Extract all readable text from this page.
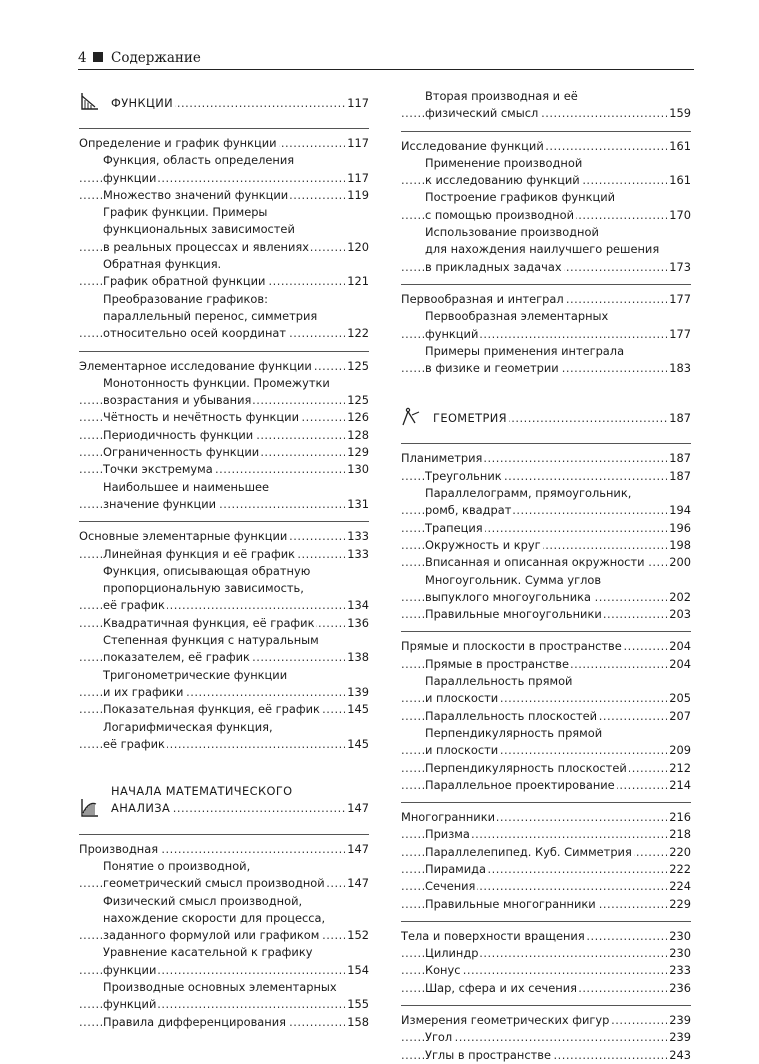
4 Содержание
ФУНКЦИИ	117
.....
Определение и график функции	117
.....
Функция, область определения
функции	117
.....
Множество значений функции	119
.....
График функции. Примеры
функциональных зависимостей
в реальных процессах и явлениях	120
.....
Обратная функция.
График обратной функции	121
.....
Преобразование графиков:
параллельный перенос, симметрия
относительно осей координат	122
.....
Элементарное исследование функции	125
.....
Монотонность функции. Промежутки
возрастания и убывания	125
.....
Чётность и нечётность функции	126
.....
Периодичность функции	128
.....
Ограниченность функции	129
.....
Точки экстремума	130
.....
Наибольшее и наименьшее
значение функции	131
.....
Основные элементарные функции	133
.....
Линейная функция и её график	133
.....
Функция, описывающая обратную
пропорциональную зависимость,
её график	134
.....
Квадратичная функция, её график	136
.....
Степенная функция с натуральным
показателем, её график	138
.....
Тригонометрические функции
и их графики	139
.....
Показательная функция, её график 145
.....
Логарифмическая функция,
её график	145
.....
НАЧАЛА МАТЕМАТИЧЕСКОГО
АНАЛИЗА	147
.....
Производная	147
.....
Понятие о производной,
геометрический смысл производной 147
.....
Физический смысл производной,
нахождение скорости для процесса,
заданного формулой или графиком 152
.....
Уравнение касательной к графику
функции	154
.....
Производные основных элементарных
функций	155
.....
Правила дифференцирования	158
.....
Вторая производная и её
физический смысл	159
.....
Исследование функций	161
.....
Применение производной
к исследованию функций	161
.....
Построение графиков функций
с помощью производной	170
.....
Использование производной
для нахождения наилучшего решения
в прикладных задачах	173
.....
Первообразная и интеграл	177
.....
Первообразная элементарных
функций	177
.....
Примеры применения интеграла
в физике и геометрии	183
.....
ГЕОМЕТРИЯ	187
.....
Планиметрия	187
.....
Треугольник	187
.....
Параллелограмм, прямоугольник,
ромб, квадрат	194
.....
Трапеция	196
.....
Окружность и круг	198
.....
Вписанная и описанная окружности 200
.....
Многоугольник. Сумма углов
выпуклого многоугольника	202
.....
Правильные многоугольники	203
.....
Прямые и плоскости в пространстве	204
.....
Прямые в пространстве	204
.....
Параллельность прямой
и плоскости	205
.....
Параллельность плоскостей	207
.....
Перпендикулярность прямой
и плоскости	209
.....
Перпендикулярность плоскостей	212
.....
Параллельное проектирование	214
.....
Многогранники	216
.....
Призма	218
.....
Параллелепипед. Куб. Симметрия	220
.....
Пирамида	222
.....
Сечения	224
.....
Правильные многогранники	229
.....
Тела и поверхности вращения	230
.....
Цилиндр	230
.....
Конус	233
.....
Шар, сфера и их сечения	236
.....
Измерения геометрических фигур	239
.....
Угол	239
.....
Углы в пространстве	243
.....
